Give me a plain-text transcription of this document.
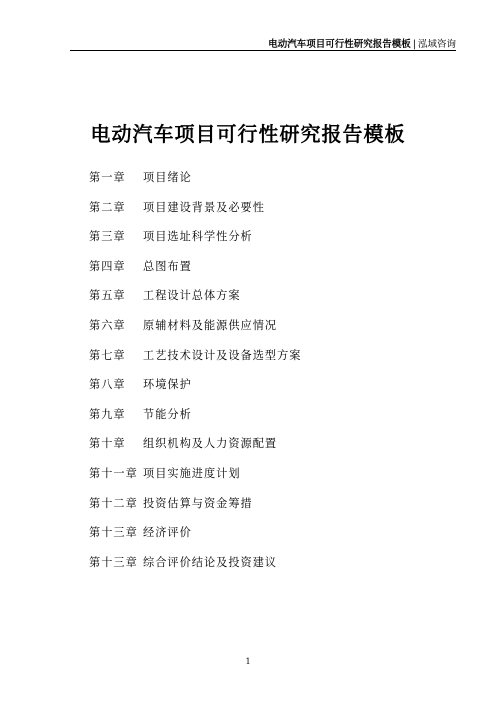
电动汽车项目可行性研究报告模板 | 泓域咨询
电动汽车项目可行性研究报告模板
第一章	项目绪论
第二章	项目建设背景及必要性
第三章	项目选址科学性分析
第四章	总图布置
第五章	工程设计总体方案
第六章	原辅材料及能源供应情况
第七章	工艺技术设计及设备选型方案
第八章	环境保护
第九章	节能分析
第十章	组织机构及人力资源配置
第十一章 项目实施进度计划
第十二章 投资估算与资金筹措
第十三章 经济评价
第十三章 综合评价结论及投资建议
1
